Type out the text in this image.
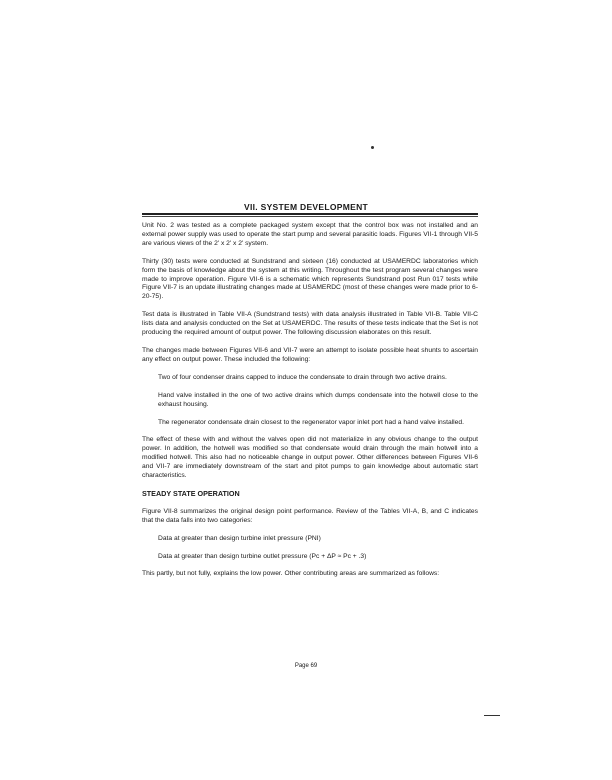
VII. SYSTEM DEVELOPMENT

Unit No. 2 was tested as a complete packaged system except that the control box was not installed and an external power supply was used to operate the start pump and several parasitic loads. Figures VII-1 through VII-5 are various views of the 2' x 2' x 2' system.

Thirty (30) tests were conducted at Sundstrand and sixteen (16) conducted at USAMERDC laboratories which form the basis of knowledge about the system at this writing. Throughout the test program several changes were made to improve operation. Figure VII-6 is a schematic which represents Sundstrand post Run 017 tests while Figure VII-7 is an update illustrating changes made at USAMERDC (most of these changes were made prior to 6-20-75).

Test data is illustrated in Table VII-A (Sundstrand tests) with data analysis illustrated in Table VII-B. Table VII-C lists data and analysis conducted on the Set at USAMERDC. The results of these tests indicate that the Set is not producing the required amount of output power. The following discussion elaborates on this result.

The changes made between Figures VII-6 and VII-7 were an attempt to isolate possible heat shunts to ascertain any effect on output power. These included the following:

Two of four condenser drains capped to induce the condensate to drain through two active drains.

Hand valve installed in the one of two active drains which dumps condensate into the hotwell close to the exhaust housing.

The regenerator condensate drain closest to the regenerator vapor inlet port had a hand valve installed.

The effect of these with and without the valves open did not materialize in any obvious change to the output power. In addition, the hotwell was modified so that condensate would drain through the main hotwell into a modified hotwell. This also had no noticeable change in output power. Other differences between Figures VII-6 and VII-7 are immediately downstream of the start and pitot pumps to gain knowledge about automatic start characteristics.

STEADY STATE OPERATION

Figure VII-8 summarizes the original design point performance. Review of the Tables VII-A, B, and C indicates that the data falls into two categories:

Data at greater than design turbine inlet pressure (PNI)

Data at greater than design turbine outlet pressure (Pc + ΔP ≈ Pc + .3)

This partly, but not fully, explains the low power. Other contributing areas are summarized as follows:

Page 69
